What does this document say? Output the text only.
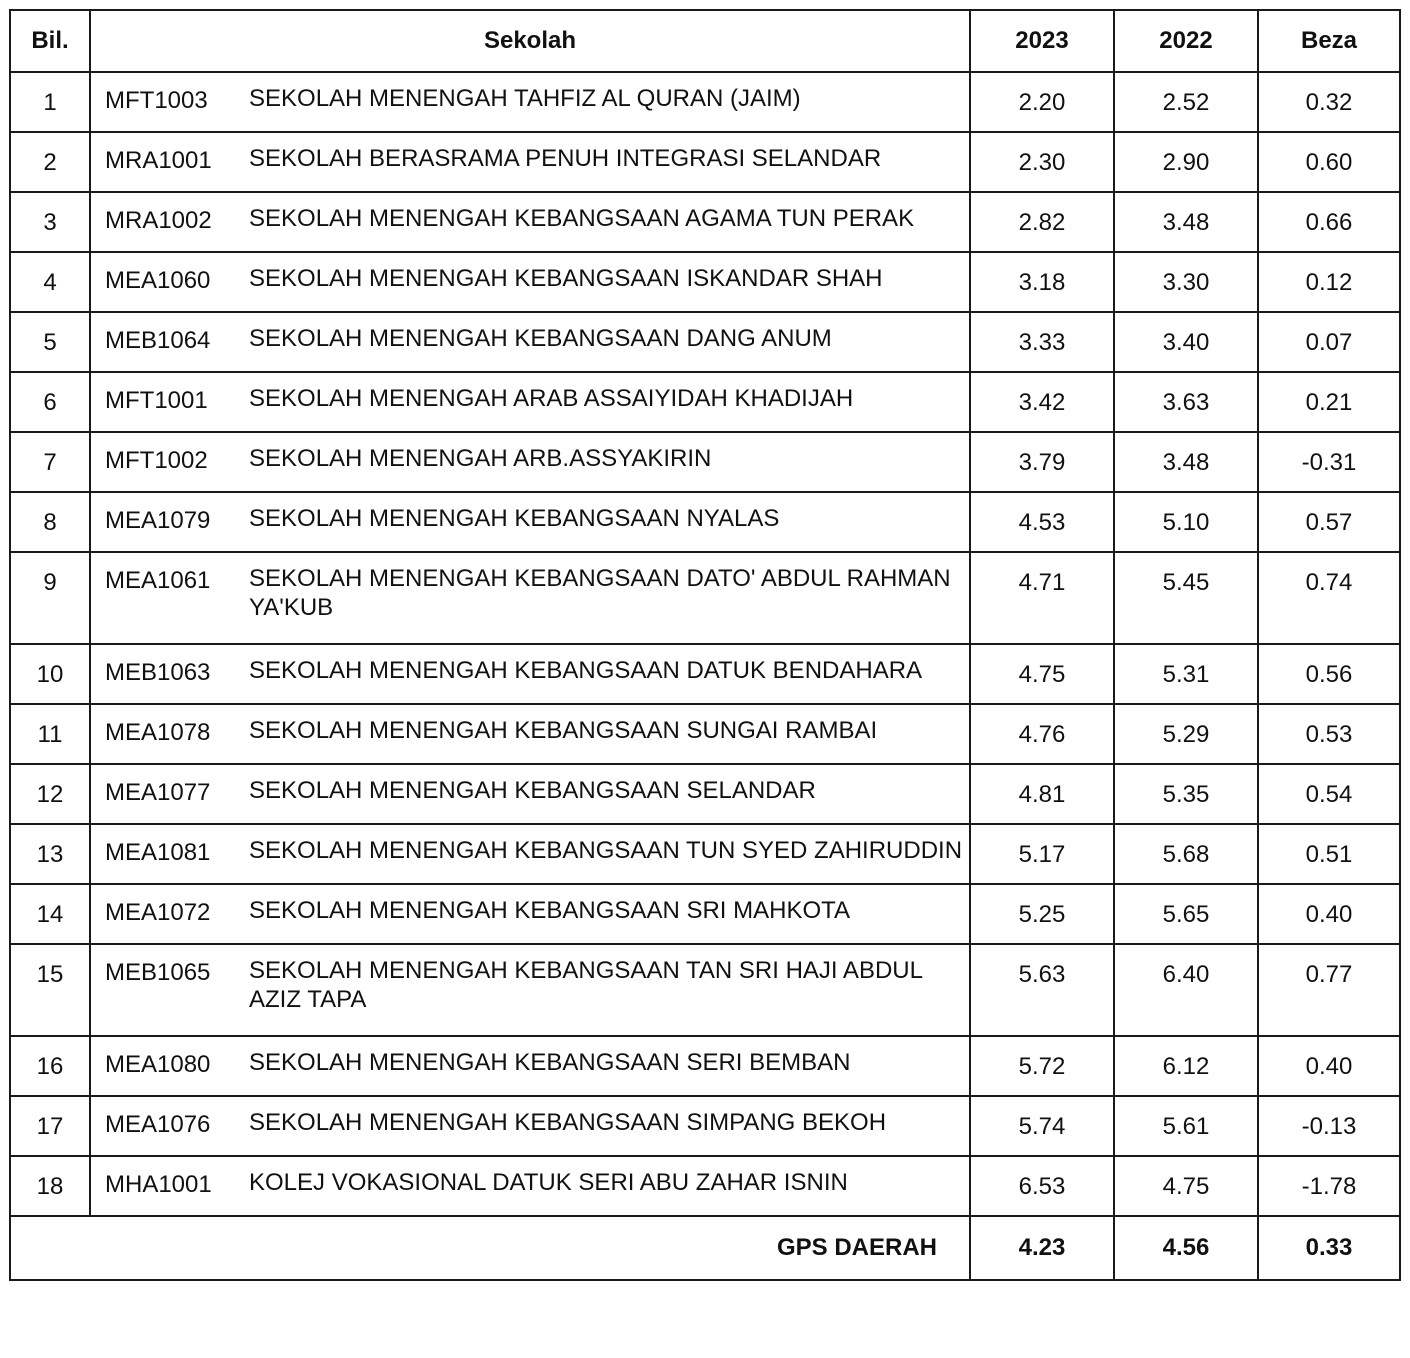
Bil.	Sekolah	2023	2022	Beza
1	MFT1003 SEKOLAH MENENGAH TAHFIZ AL QURAN (JAIM)	2.20	2.52	0.32
2	MRA1001 SEKOLAH BERASRAMA PENUH INTEGRASI SELANDAR	2.30	2.90	0.60
3	MRA1002 SEKOLAH MENENGAH KEBANGSAAN AGAMA TUN PERAK	2.82	3.48	0.66
4	MEA1060 SEKOLAH MENENGAH KEBANGSAAN ISKANDAR SHAH	3.18	3.30	0.12
5	MEB1064 SEKOLAH MENENGAH KEBANGSAAN DANG ANUM	3.33	3.40	0.07
6	MFT1001 SEKOLAH MENENGAH ARAB ASSAIYIDAH KHADIJAH	3.42	3.63	0.21
7	MFT1002 SEKOLAH MENENGAH ARB.ASSYAKIRIN	3.79	3.48	-0.31
8	MEA1079 SEKOLAH MENENGAH KEBANGSAAN NYALAS	4.53	5.10	0.57
9	MEA1061 SEKOLAH MENENGAH KEBANGSAAN DATO' ABDUL RAHMAN YA'KUB	4.71	5.45	0.74
10	MEB1063 SEKOLAH MENENGAH KEBANGSAAN DATUK BENDAHARA	4.75	5.31	0.56
11	MEA1078 SEKOLAH MENENGAH KEBANGSAAN SUNGAI RAMBAI	4.76	5.29	0.53
12	MEA1077 SEKOLAH MENENGAH KEBANGSAAN SELANDAR	4.81	5.35	0.54
13	MEA1081 SEKOLAH MENENGAH KEBANGSAAN TUN SYED ZAHIRUDDIN	5.17	5.68	0.51
14	MEA1072 SEKOLAH MENENGAH KEBANGSAAN SRI MAHKOTA	5.25	5.65	0.40
15	MEB1065 SEKOLAH MENENGAH KEBANGSAAN TAN SRI HAJI ABDUL AZIZ TAPA	5.63	6.40	0.77
16	MEA1080 SEKOLAH MENENGAH KEBANGSAAN SERI BEMBAN	5.72	6.12	0.40
17	MEA1076 SEKOLAH MENENGAH KEBANGSAAN SIMPANG BEKOH	5.74	5.61	-0.13
18	MHA1001 KOLEJ VOKASIONAL DATUK SERI ABU ZAHAR ISNIN	6.53	4.75	-1.78
GPS DAERAH		4.23	4.56	0.33
